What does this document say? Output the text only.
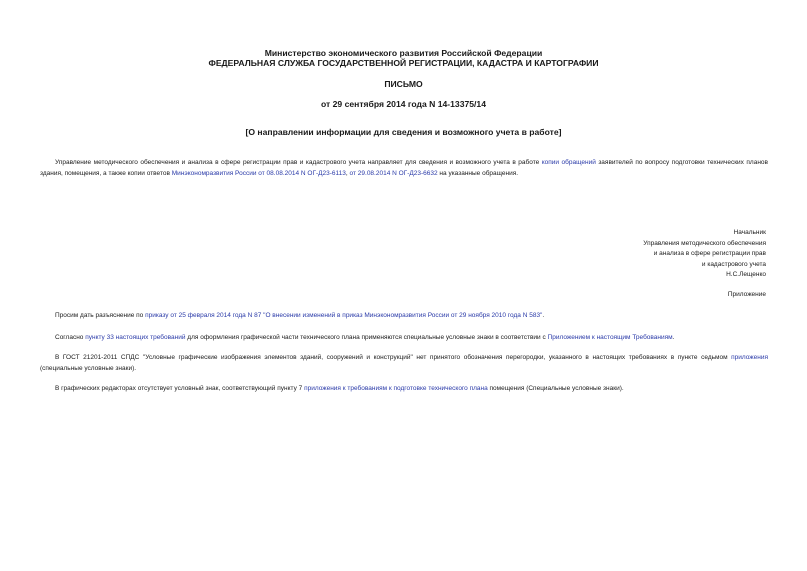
Министерство экономического развития Российской Федерации
ФЕДЕРАЛЬНАЯ СЛУЖБА ГОСУДАРСТВЕННОЙ РЕГИСТРАЦИИ, КАДАСТРА И КАРТОГРАФИИ
ПИСЬМО
от 29 сентября 2014 года N 14-13375/14
[О направлении информации для сведения и возможного учета в работе]
Управление методического обеспечения и анализа в сфере регистрации прав и кадастрового учета направляет для сведения и возможного учета в работе копии обращений заявителей по вопросу подготовки технических планов здания, помещения, а также копии ответов Минэкономразвития России от 08.08.2014 N ОГ-Д23-6113, от 29.08.2014 N ОГ-Д23-6632 на указанные обращения.
Начальник
Управления методического обеспечения
и анализа в сфере регистрации прав
и кадастрового учета
Н.С.Лещенко
Приложение
Просим дать разъяснение по приказу от 25 февраля 2014 года N 87 "О внесении изменений в приказ Минэкономразвития России от 29 ноября 2010 года N 583".
Согласно пункту 33 настоящих требований для оформления графической части технического плана применяются специальные условные знаки в соответствии с Приложением к настоящим Требованиям.
В ГОСТ 21201-2011 СПДС "Условные графические изображения элементов зданий, сооружений и конструкций" нет принятого обозначения перегородки, указанного в настоящих требованиях в пункте седьмом приложения (специальные условные знаки).
В графических редакторах отсутствует условный знак, соответствующий пункту 7 приложения к требованиям к подготовке технического плана помещения (Специальные условные знаки).
